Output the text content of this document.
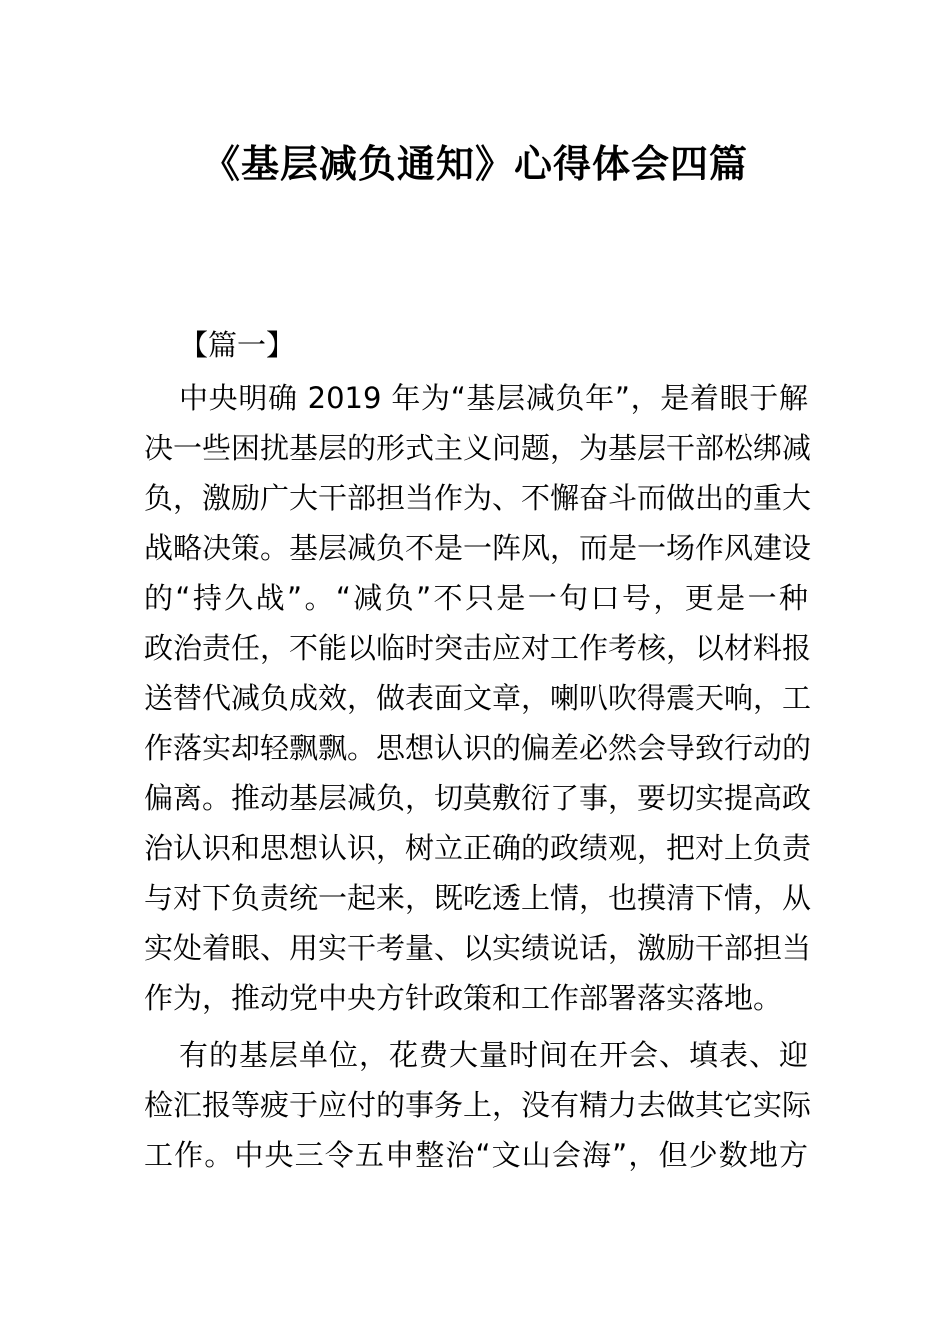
《基层减负通知》心得体会四篇
【篇一】
中央明确 2019 年为“基层减负年”，是着眼于解
决一些困扰基层的形式主义问题，为基层干部松绑减
负，激励广大干部担当作为、不懈奋斗而做出的重大
战略决策。基层减负不是一阵风，而是一场作风建设
的“持久战”。“减负”不只是一句口号，更是一种
政治责任，不能以临时突击应对工作考核，以材料报
送替代减负成效，做表面文章，喇叭吹得震天响，工
作落实却轻飘飘。思想认识的偏差必然会导致行动的
偏离。推动基层减负，切莫敷衍了事，要切实提高政
治认识和思想认识，树立正确的政绩观，把对上负责
与对下负责统一起来，既吃透上情，也摸清下情，从
实处着眼、用实干考量、以实绩说话，激励干部担当
作为，推动党中央方针政策和工作部署落实落地。
有的基层单位，花费大量时间在开会、填表、迎
检汇报等疲于应付的事务上，没有精力去做其它实际
工作。中央三令五申整治“文山会海”，但少数地方
